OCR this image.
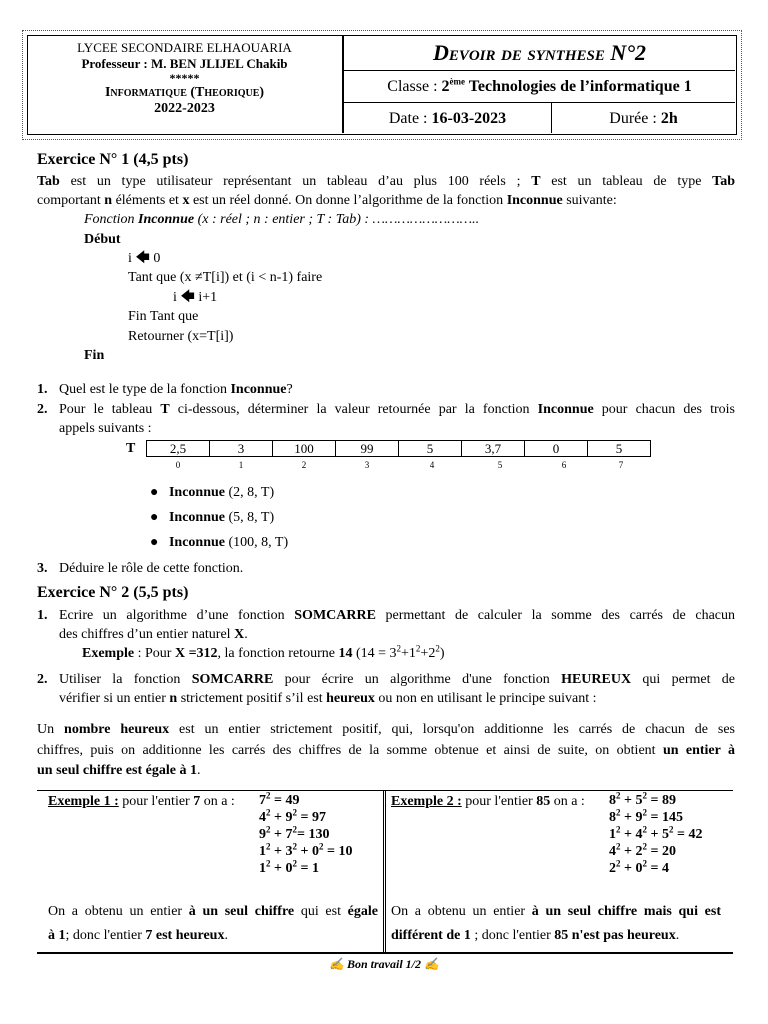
LYCEE SECONDAIRE ELHAOUARIA
Professeur : M. BEN JLIJEL Chakib
*****
Informatique (Theorique)
2022-2023
Devoir de synthese N°2
Classe : 2ème Technologies de l’informatique 1
Date : 16-03-2023	Durée : 2h
Exercice N° 1 (4,5 pts)
Tab est un type utilisateur représentant un tableau d’au plus 100 réels ; T est un tableau de type Tab
comportant n éléments et x est un réel donné. On donne l’algorithme de la fonction Inconnue suivante:
Fonction Inconnue (x : réel ; n : entier ; T : Tab) : ……………………..
Début
i 🡄 0
Tant que (x ≠T[i]) et (i < n-1) faire
i 🡄 i+1
Fin Tant que
Retourner (x=T[i])
Fin
1. Quel est le type de la fonction Inconnue?
2. Pour le tableau T ci-dessous, déterminer la valeur retournée par la fonction Inconnue pour chacun des trois
appels suivants :
T	2,5	3	100	99	5	3,7	0	5
0	1	2	3	4	5	6	7
● Inconnue (2, 8, T)
● Inconnue (5, 8, T)
● Inconnue (100, 8, T)
3. Déduire le rôle de cette fonction.
Exercice N° 2 (5,5 pts)
1. Ecrire un algorithme d’une fonction SOMCARRE permettant de calculer la somme des carrés de chacun
des chiffres d’un entier naturel X.
Exemple : Pour X =312, la fonction retourne 14 $(14 = 3^2+1^2+2^2)$
2. Utiliser la fonction SOMCARRE pour écrire un algorithme d'une fonction HEUREUX qui permet de
vérifier si un entier n strictement positif s’il est heureux ou non en utilisant le principe suivant :
Un nombre heureux est un entier strictement positif, qui, lorsqu'on additionne les carrés de chacun de ses
chiffres, puis on additionne les carrés des chiffres de la somme obtenue et ainsi de suite, on obtient un entier à
un seul chiffre est égale à 1.
Exemple 1 : pour l'entier 7 on a : $7^2 = 49$
$4^2 + 9^2 = 97$
$9^2 + 7^2= 130$
$1^2 + 3^2 + 0^2 = 10$
$1^2 + 0^2 = 1$
On a obtenu un entier à un seul chiffre qui est égale
à 1; donc l'entier 7 est heureux.
Exemple 2 : pour l'entier 85 on a : $8^2 + 5^2 = 89$
$8^2 + 9^2 = 145$
$1^2 + 4^2 + 5^2 = 42$
$4^2 + 2^2 = 20$
$2^2 + 0^2 = 4$
On a obtenu un entier à un seul chiffre mais qui est
différent de 1 ; donc l'entier 85 n'est pas heureux.
✍ Bon travail 1/2 ✍
